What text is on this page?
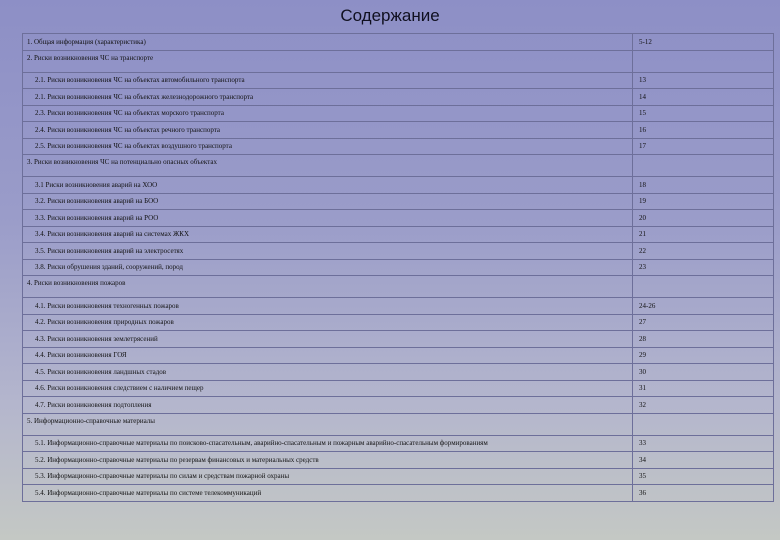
Содержание
1. Общая информация (характеристика)	5-12
2. Риски возникновения ЧС на транспорте	
2.1. Риски возникновения ЧС на объектах автомобильного транспорта	13
2.1. Риски возникновения ЧС на объектах железнодорожного транспорта	14
2.3. Риски возникновения ЧС на объектах морского транспорта	15
2.4. Риски возникновения ЧС на объектах речного транспорта	16
2.5. Риски возникновения ЧС на объектах воздушного транспорта	17
3. Риски возникновения ЧС на потенциально опасных объектах	
3.1 Риски возникновения аварий на ХОО	18
3.2. Риски возникновения аварий на БОО	19
3.3. Риски возникновения аварий на РОО	20
3.4. Риски возникновения аварий на системах ЖКХ	21
3.5. Риски возникновения аварий на электросетях	22
3.8. Риски обрушения зданий, сооружений, пород	23
4. Риски возникновения пожаров	
4.1. Риски возникновения техногенных пожаров	24-26
4.2. Риски возникновения природных пожаров	27
4.3. Риски возникновения землетрясений	28
4.4. Риски возникновения ГОЯ	29
4.5. Риски возникновения ландшных стадов	30
4.6. Риски возникновения следствием с наличием пещер	31
4.7. Риски возникновения подтопления	32
5. Информационно-справочные материалы	
5.1. Информационно-справочные материалы по поисково-спасательным, аварийно-спасательным и пожарным аварийно-спасательным формированиям	33
5.2. Информационно-справочные материалы по резервам финансовых и материальных средств	34
5.3. Информационно-справочные материалы по силам и средствам пожарной охраны	35
5.4. Информационно-справочные материалы по системе телекоммуникаций	36
